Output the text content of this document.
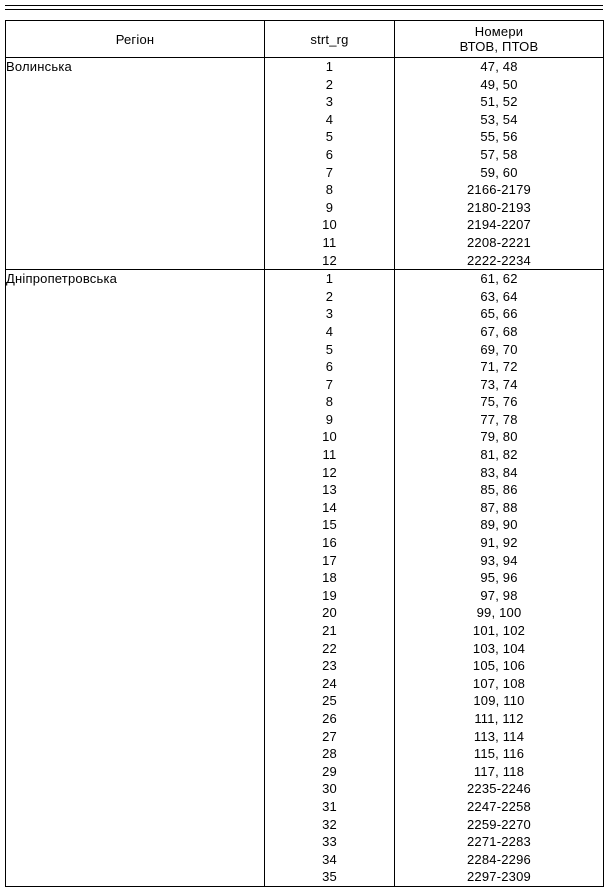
Регіон	strt_rg	Номери
ВТОВ, ПТОВ

Волинська	1	47, 48
	2	49, 50
	3	51, 52
	4	53, 54
	5	55, 56
	6	57, 58
	7	59, 60
	8	2166-2179
	9	2180-2193
	10	2194-2207
	11	2208-2221
	12	2222-2234
Дніпропетровська	1	61, 62
	2	63, 64
	3	65, 66
	4	67, 68
	5	69, 70
	6	71, 72
	7	73, 74
	8	75, 76
	9	77, 78
	10	79, 80
	11	81, 82
	12	83, 84
	13	85, 86
	14	87, 88
	15	89, 90
	16	91, 92
	17	93, 94
	18	95, 96
	19	97, 98
	20	99, 100
	21	101, 102
	22	103, 104
	23	105, 106
	24	107, 108
	25	109, 110
	26	111, 112
	27	113, 114
	28	115, 116
	29	117, 118
	30	2235-2246
	31	2247-2258
	32	2259-2270
	33	2271-2283
	34	2284-2296
	35	2297-2309
